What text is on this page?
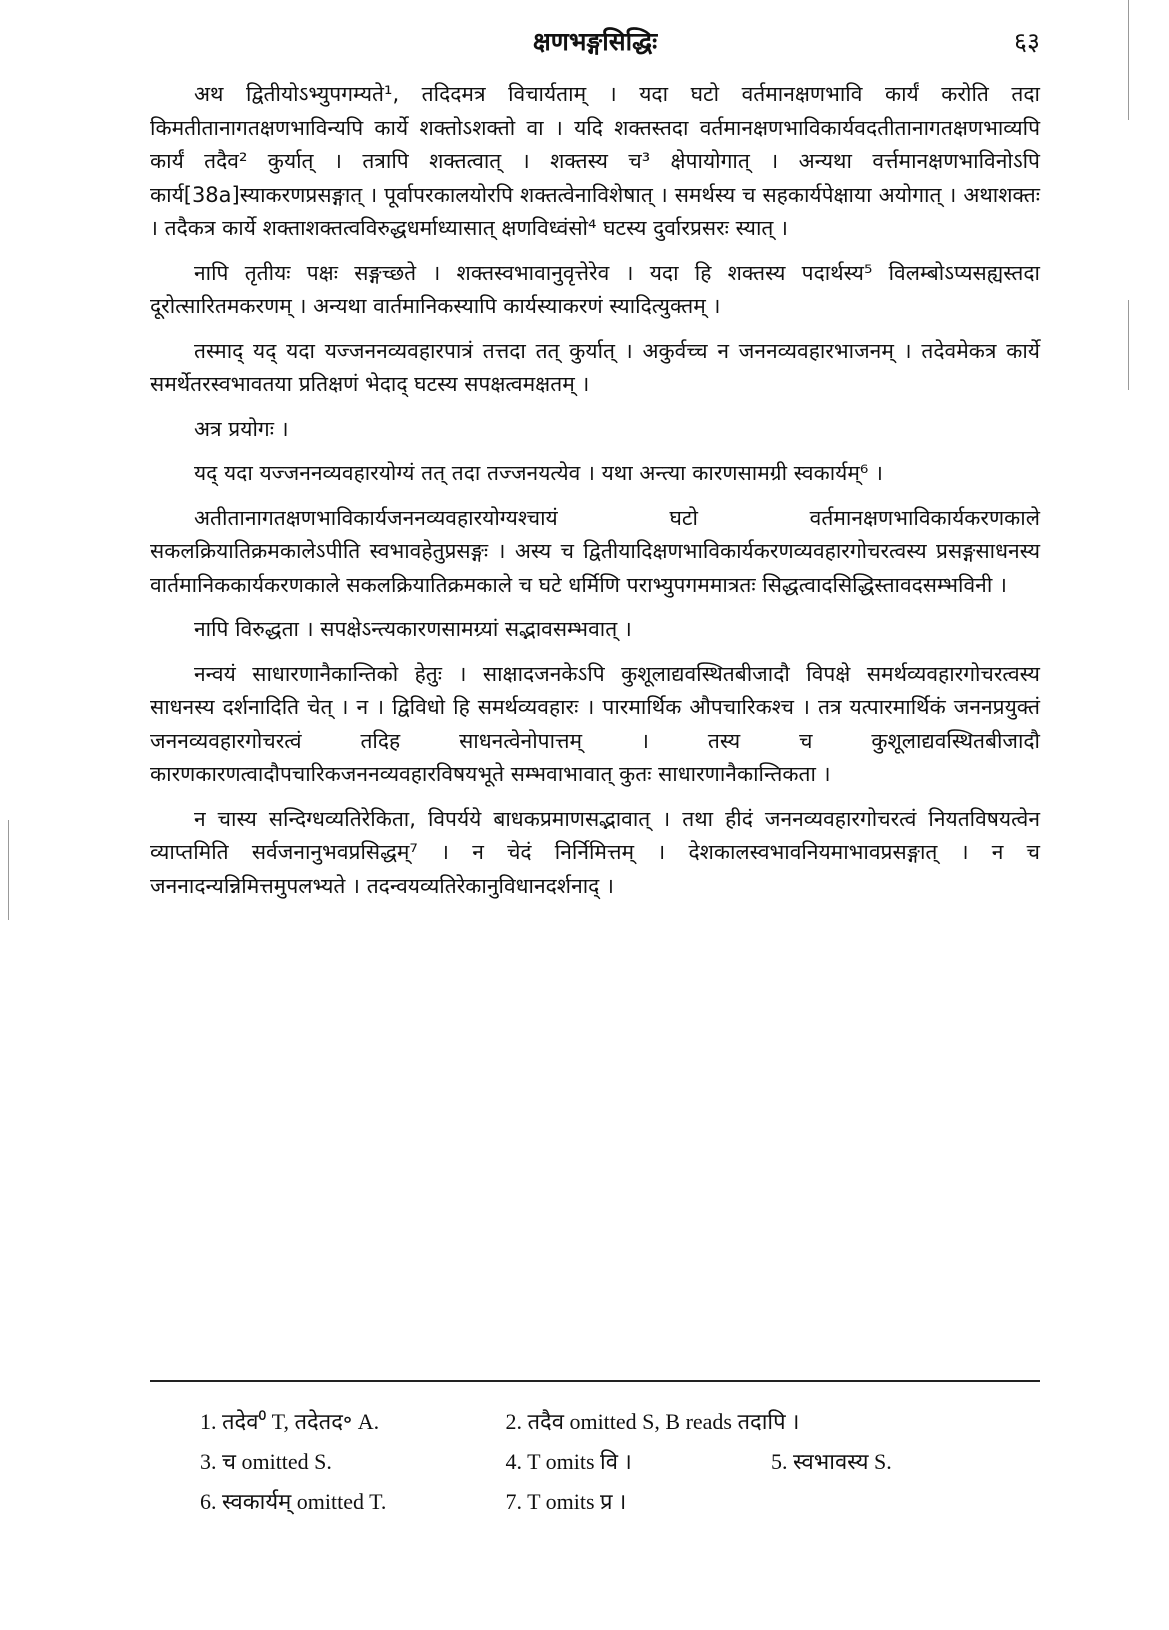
क्षणभङ्गसिद्धिः	६३

अथ द्वितीयोऽभ्युपगम्यते¹, तदिदमत्र विचार्यताम् । यदा घटो वर्तमानक्षणभावि कार्यं करोति तदा किमतीतानागतक्षणभाविन्यपि कार्ये शक्तोऽशक्तो वा । यदि शक्तस्तदा वर्तमानक्षणभाविकार्यवदतीतानागतक्षणभाव्यपि कार्यं तदैव² कुर्यात् । तत्रापि शक्तत्वात् । शक्तस्य च³ क्षेपायोगात् । अन्यथा वर्त्तमानक्षणभाविनोऽपि कार्य[38a]स्याकरणप्रसङ्गात् । पूर्वापरकालयोरपि शक्तत्वेनाविशेषात् । समर्थस्य च सहकार्यपेक्षाया अयोगात् । अथाशक्तः । तदैकत्र कार्ये शक्ताशक्तत्वविरुद्धधर्माध्यासात् क्षणविध्वंसो⁴ घटस्य दुर्वारप्रसरः स्यात् ।

नापि तृतीयः पक्षः सङ्गच्छते । शक्तस्वभावानुवृत्तेरेव । यदा हि शक्तस्य पदार्थस्य⁵ विलम्बोऽप्यसह्यस्तदा दूरोत्सारितमकरणम् । अन्यथा वार्तमानिकस्यापि कार्यस्याकरणं स्यादित्युक्तम् ।

तस्माद् यद् यदा यज्जननव्यवहारपात्रं तत्तदा तत् कुर्यात् । अकुर्वच्च न जननव्यवहारभाजनम् । तदेवमेकत्र कार्ये समर्थेतरस्वभावतया प्रतिक्षणं भेदाद् घटस्य सपक्षत्वमक्षतम् ।

अत्र प्रयोगः ।

यद् यदा यज्जननव्यवहारयोग्यं तत् तदा तज्जनयत्येव । यथा अन्त्या कारणसामग्री स्वकार्यम्⁶ ।

अतीतानागतक्षणभाविकार्यजननव्यवहारयोग्यश्चायं घटो वर्तमानक्षणभाविकार्यकरणकाले सकलक्रियातिक्रमकालेऽपीति स्वभावहेतुप्रसङ्गः । अस्य च द्वितीयादिक्षणभाविकार्यकरणव्यवहारगोचरत्वस्य प्रसङ्गसाधनस्य वार्तमानिककार्यकरणकाले सकलक्रियातिक्रमकाले च घटे धर्मिणि पराभ्युपगममात्रतः सिद्धत्वादसिद्धिस्तावदसम्भविनी ।

नापि विरुद्धता । सपक्षेऽन्त्यकारणसामग्र्यां सद्भावसम्भवात् ।

नन्वयं साधारणानैकान्तिको हेतुः । साक्षादजनकेऽपि कुशूलाद्यवस्थितबीजादौ विपक्षे समर्थव्यवहारगोचरत्वस्य साधनस्य दर्शनादिति चेत् । न । द्विविधो हि समर्थव्यवहारः । पारमार्थिक औपचारिकश्च । तत्र यत्पारमार्थिकं जननप्रयुक्तं जननव्यवहारगोचरत्वं तदिह साधनत्वेनोपात्तम् । तस्य च कुशूलाद्यवस्थितबीजादौ कारणकारणत्वादौपचारिकजननव्यवहारविषयभूते सम्भवाभावात् कुतः साधारणानैकान्तिकता ।

न चास्य सन्दिग्धव्यतिरेकिता, विपर्यये बाधकप्रमाणसद्भावात् । तथा हीदं जननव्यवहारगोचरत्वं नियतविषयत्वेन व्याप्तमिति सर्वजनानुभवप्रसिद्धम्⁷ । न चेदं निर्निमित्तम् । देशकालस्वभावनियमाभावप्रसङ्गात् । न च जननादन्यन्निमित्तमुपलभ्यते । तदन्वयव्यतिरेकानुविधानदर्शनाद् ।

1. तदेव⁰ T, तदेतद॰ A.	2. तदैव omitted S, B reads तदापि ।
3. च omitted S.	4. T omits वि ।	5. स्वभावस्य S.
6. स्वकार्यम् omitted T.	7. T omits प्र ।
